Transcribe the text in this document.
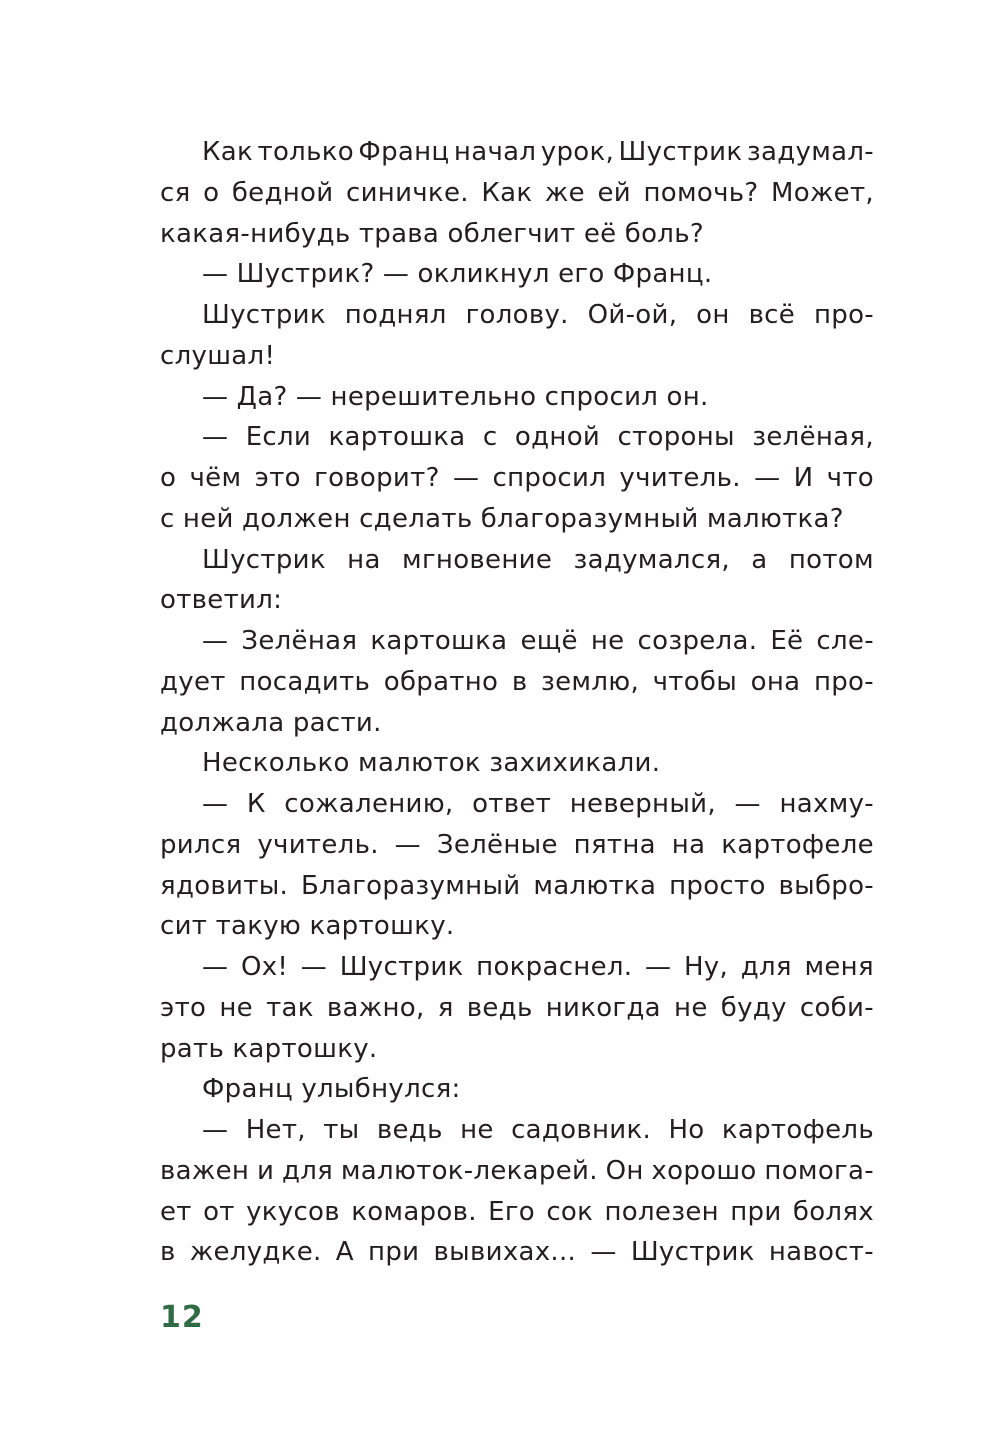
Как только Франц начал урок, Шустрик задумал-
ся о бедной синичке. Как же ей помочь? Может,
какая-нибудь трава облегчит её боль?
— Шустрик? — окликнул его Франц.
Шустрик поднял голову. Ой-ой, он всё про-
слушал!
— Да? — нерешительно спросил он.
— Если картошка с одной стороны зелёная,
о чём это говорит? — спросил учитель. — И что
с ней должен сделать благоразумный малютка?
Шустрик на мгновение задумался, а потом
ответил:
— Зелёная картошка ещё не созрела. Её сле-
дует посадить обратно в землю, чтобы она про-
должала расти.
Несколько малюток захихикали.
— К сожалению, ответ неверный, — нахму-
рился учитель. — Зелёные пятна на картофеле
ядовиты. Благоразумный малютка просто выбро-
сит такую картошку.
— Ох! — Шустрик покраснел. — Ну, для меня
это не так важно, я ведь никогда не буду соби-
рать картошку.
Франц улыбнулся:
— Нет, ты ведь не садовник. Но картофель
важен и для малюток-лекарей. Он хорошо помога-
ет от укусов комаров. Его сок полезен при болях
в желудке. А при вывихах... — Шустрик навост-
12
